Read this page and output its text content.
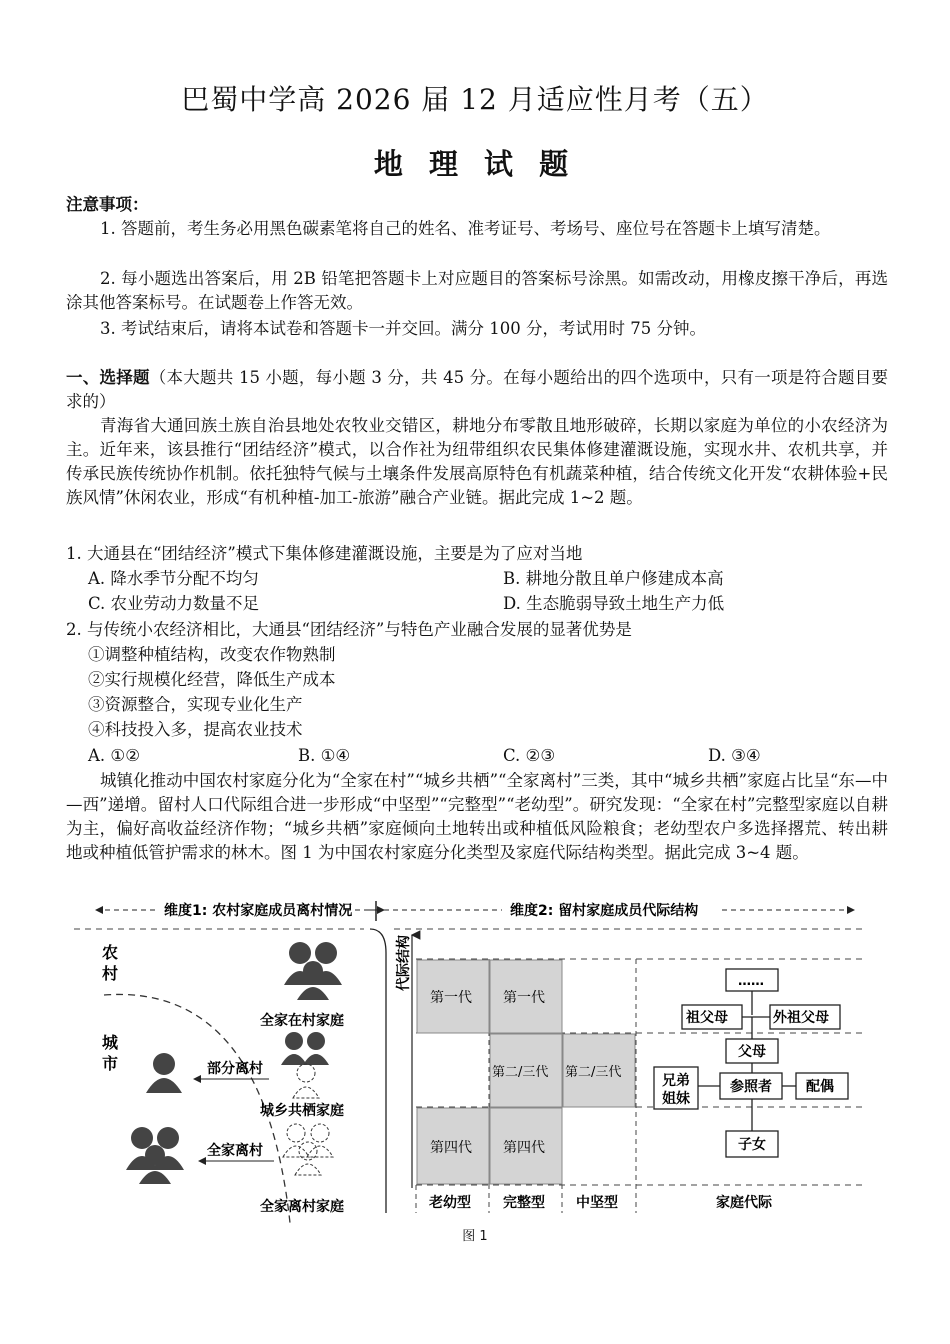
巴蜀中学高 2026 届 12 月适应性月考（五）
地 理 试 题
注意事项：
1. 答题前，考生务必用黑色碳素笔将自己的姓名、准考证号、考场号、座位号在答题卡上填写清楚。
2. 每小题选出答案后，用 2B 铅笔把答题卡上对应题目的答案标号涂黑。如需改动，用橡皮擦干净后，再选涂其他答案标号。在试题卷上作答无效。
3. 考试结束后，请将本试卷和答题卡一并交回。满分 100 分，考试用时 75 分钟。
一、选择题（本大题共 15 小题，每小题 3 分，共 45 分。在每小题给出的四个选项中，只有一项是符合题目要求的）
青海省大通回族土族自治县地处农牧业交错区，耕地分布零散且地形破碎，长期以家庭为单位的小农经济为主。近年来，该县推行“团结经济”模式，以合作社为纽带组织农民集体修建灌溉设施，实现水井、农机共享，并传承民族传统协作机制。依托独特气候与土壤条件发展高原特色有机蔬菜种植，结合传统文化开发“农耕体验+民族风情”休闲农业，形成“有机种植-加工-旅游”融合产业链。据此完成 1~2 题。
1. 大通县在“团结经济”模式下集体修建灌溉设施，主要是为了应对当地
A. 降水季节分配不均匀	B. 耕地分散且单户修建成本高
C. 农业劳动力数量不足	D. 生态脆弱导致土地生产力低
2. 与传统小农经济相比，大通县“团结经济”与特色产业融合发展的显著优势是
①调整种植结构，改变农作物熟制
②实行规模化经营，降低生产成本
③资源整合，实现专业化生产
④科技投入多，提高农业技术
A. ①②	B. ①④	C. ②③	D. ③④
城镇化推动中国农村家庭分化为“全家在村”“城乡共栖”“全家离村”三类，其中“城乡共栖”家庭占比呈“东—中—西”递增。留村人口代际组合进一步形成“中坚型”“完整型”“老幼型”。研究发现：“全家在村”完整型家庭以自耕为主，偏好高收益经济作物；“城乡共栖”家庭倾向土地转出或种植低风险粮食；老幼型农户多选择撂荒、转出耕地或种植低管护需求的林木。图 1 为中国农村家庭分化类型及家庭代际结构类型。据此完成 3~4 题。
维度1: 农村家庭成员离村情况	维度2: 留村家庭成员代际结构
农
村
城
市
全家在村家庭
部分离村
城乡共栖家庭
全家离村
全家离村家庭
代际结构
第一代 第一代
第二/三代 第二/三代
第四代 第四代
老幼型 完整型 中坚型	家庭代际
……
祖父母	外祖父母
父母
兄弟
姐妹
参照者 配偶
子女
图 1
